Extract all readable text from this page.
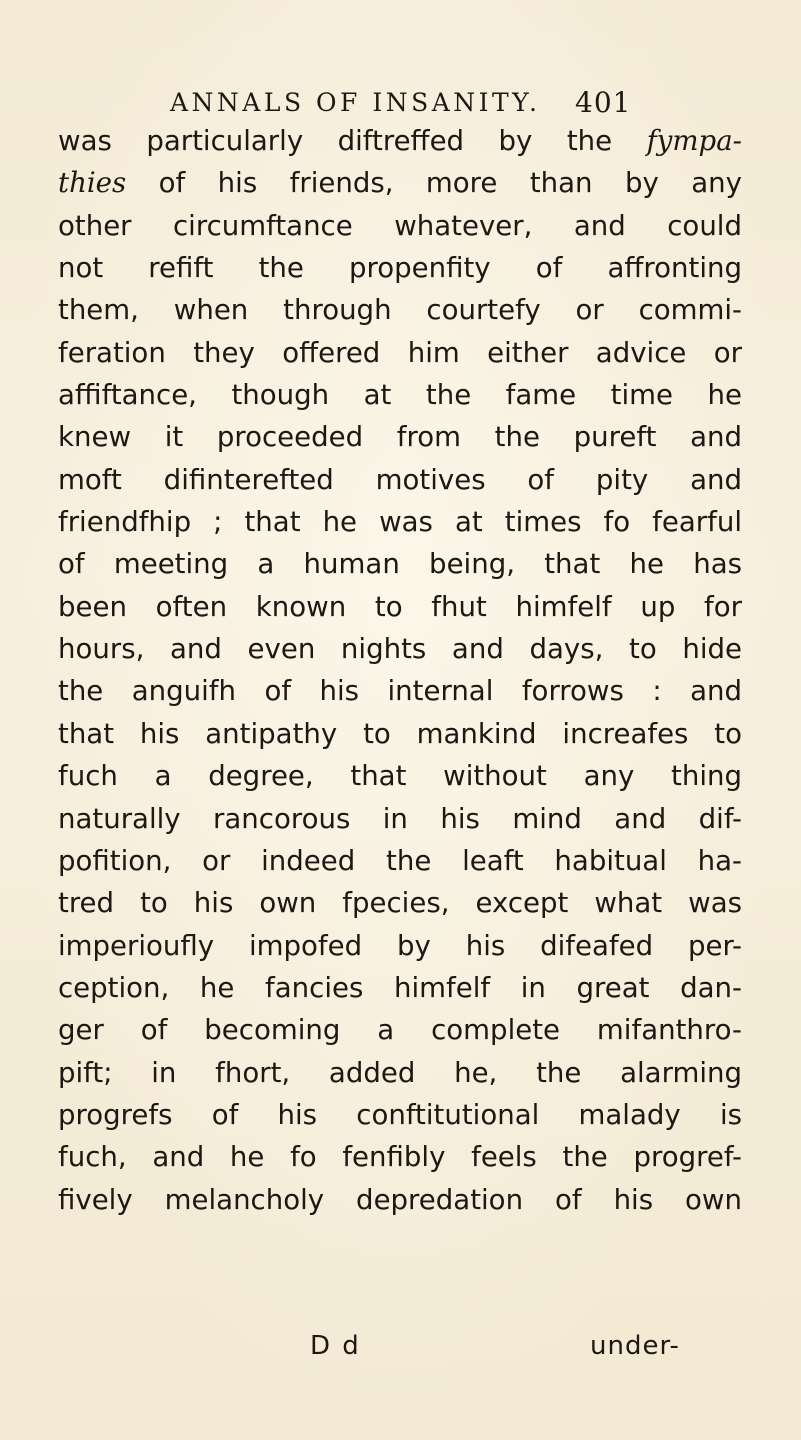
ANNALS OF INSANITY. 401
was particularly diftreffed by the fympa-
thies of his friends, more than by any
other circumftance whatever, and could
not refift the propenfity of affronting
them, when through courtefy or commi-
feration they offered him either advice or
affiftance, though at the fame time he
knew it proceeded from the pureft and
moft difinterefted motives of pity and
friendfhip ; that he was at times fo fearful
of meeting a human being, that he has
been often known to fhut himfelf up for
hours, and even nights and days, to hide
the anguifh of his internal forrows : and
that his antipathy to mankind increafes to
fuch a degree, that without any thing
naturally rancorous in his mind and dif-
pofition, or indeed the leaft habitual ha-
tred to his own fpecies, except what was
imperioufly impofed by his difeafed per-
ception, he fancies himfelf in great dan-
ger of becoming a complete mifanthro-
pift; in fhort, added he, the alarming
progrefs of his conftitutional malady is
fuch, and he fo fenfibly feels the progref-
fively melancholy depredation of his own
D d	under-
